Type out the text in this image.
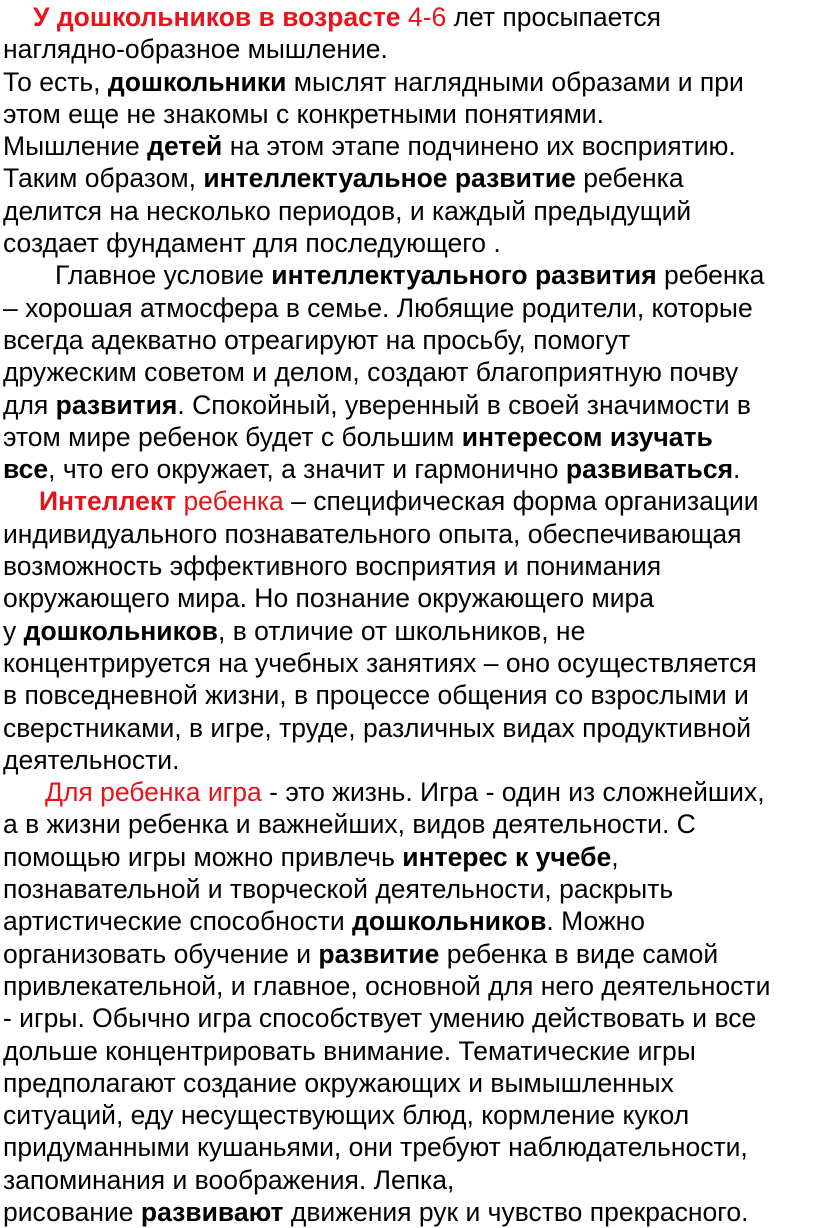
У дошкольников в возрасте 4-6 лет просыпается
наглядно-образное мышление.
То есть, дошкольники мыслят наглядными образами и при
этом еще не знакомы с конкретными понятиями.
Мышление детей на этом этапе подчинено их восприятию.
Таким образом, интеллектуальное развитие ребенка
делится на несколько периодов, и каждый предыдущий
создает фундамент для последующего .
Главное условие интеллектуального развития ребенка
– хорошая атмосфера в семье. Любящие родители, которые
всегда адекватно отреагируют на просьбу, помогут
дружеским советом и делом, создают благоприятную почву
для развития. Спокойный, уверенный в своей значимости в
этом мире ребенок будет с большим интересом изучать
все, что его окружает, а значит и гармонично развиваться.
Интеллект ребенка – специфическая форма организации
индивидуального познавательного опыта, обеспечивающая
возможность эффективного восприятия и понимания
окружающего мира. Но познание окружающего мира
у дошкольников, в отличие от школьников, не
концентрируется на учебных занятиях – оно осуществляется
в повседневной жизни, в процессе общения со взрослыми и
сверстниками, в игре, труде, различных видах продуктивной
деятельности.
Для ребенка игра - это жизнь. Игра - один из сложнейших,
а в жизни ребенка и важнейших, видов деятельности. С
помощью игры можно привлечь интерес к учебе,
познавательной и творческой деятельности, раскрыть
артистические способности дошкольников. Можно
организовать обучение и развитие ребенка в виде самой
привлекательной, и главное, основной для него деятельности
- игры. Обычно игра способствует умению действовать и все
дольше концентрировать внимание. Тематические игры
предполагают создание окружающих и вымышленных
ситуаций, еду несуществующих блюд, кормление кукол
придуманными кушаньями, они требуют наблюдательности,
запоминания и воображения. Лепка,
рисование развивают движения рук и чувство прекрасного.
